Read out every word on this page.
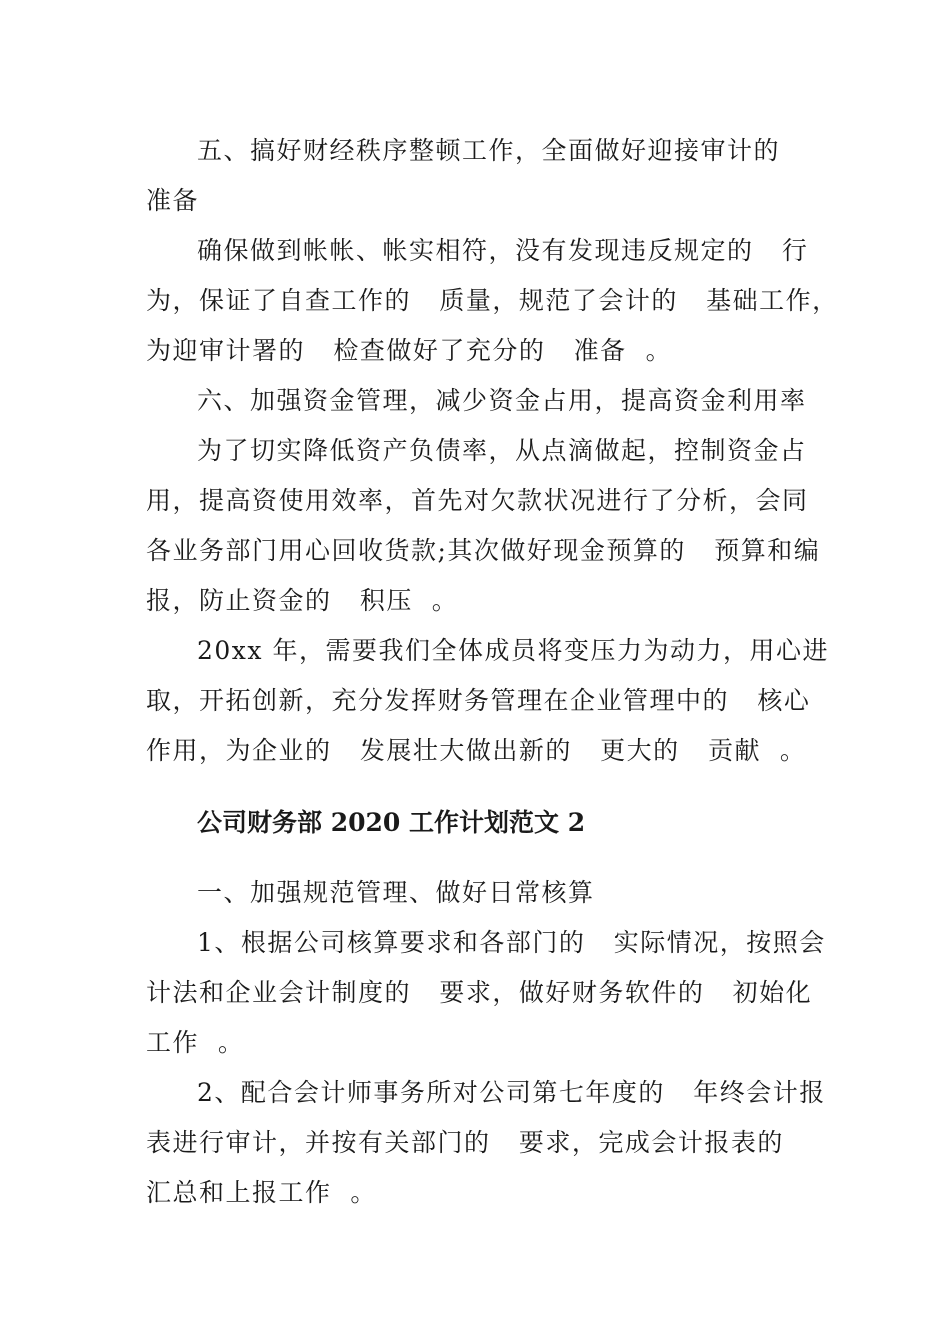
五、搞好财经秩序整顿工作，全面做好迎接审计的
准备
确保做到帐帐、帐实相符，没有发现违反规定的   行
为，保证了自查工作的   质量，规范了会计的   基础工作，
为迎审计署的   检查做好了充分的   准备  。
六、加强资金管理，减少资金占用，提高资金利用率
为了切实降低资产负债率，从点滴做起，控制资金占
用，提高资使用效率，首先对欠款状况进行了分析，会同
各业务部门用心回收货款;其次做好现金预算的   预算和编
报，防止资金的   积压  。
20xx 年，需要我们全体成员将变压力为动力，用心进
取，开拓创新，充分发挥财务管理在企业管理中的   核心
作用，为企业的   发展壮大做出新的   更大的   贡献  。
公司财务部 2020 工作计划范文 2
一、加强规范管理、做好日常核算
1、根据公司核算要求和各部门的   实际情况，按照会
计法和企业会计制度的   要求，做好财务软件的   初始化
工作  。
2、配合会计师事务所对公司第七年度的   年终会计报
表进行审计，并按有关部门的   要求，完成会计报表的
汇总和上报工作  。
